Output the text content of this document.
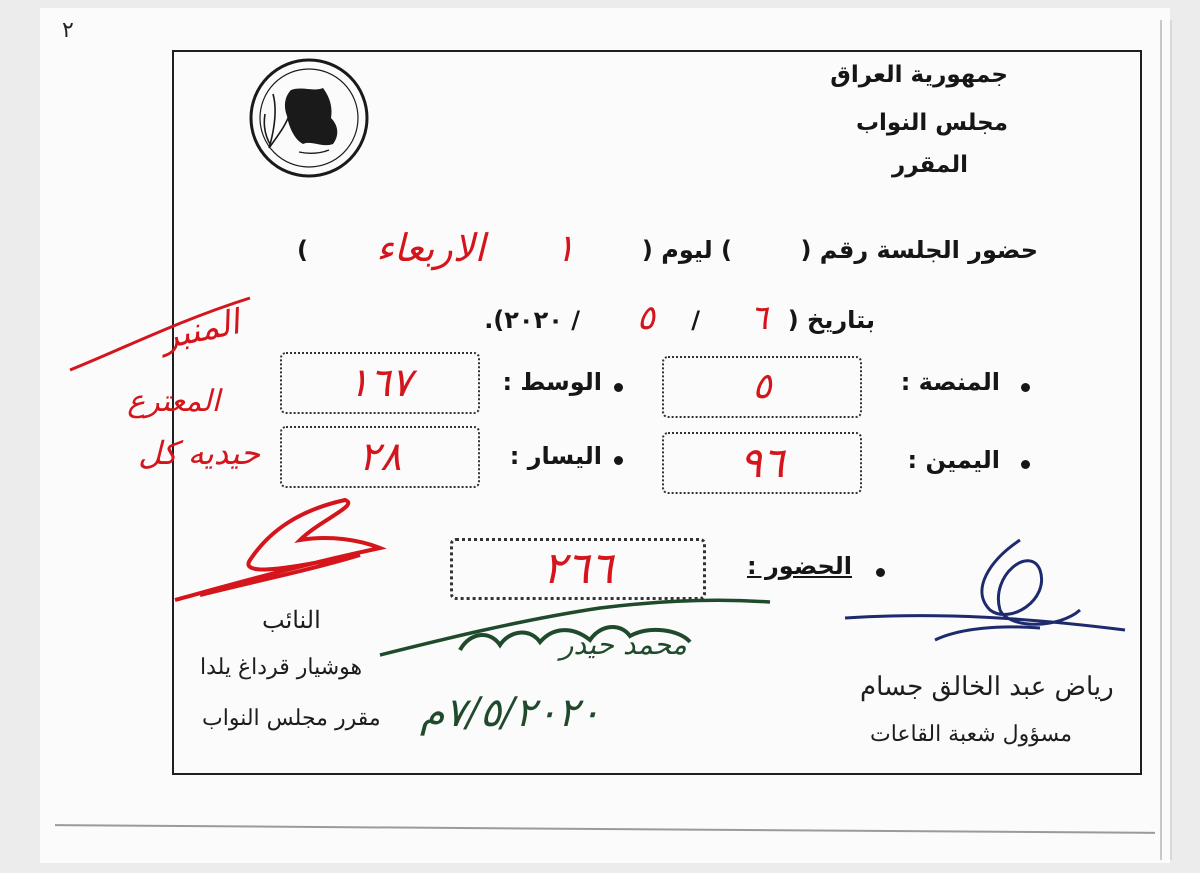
٢
جمهورية العراق
مجلس النواب
المقرر
حضور الجلسة رقم (
) ليوم (
)	١
الاربعاء
بتاريخ (
٦
/
٥
/ ٢٠٢٠).
المنصة :
٥
الوسط :
١٦٧
اليمين :
٩٦
اليسار :
٢٨
الحضور :
٢٦٦
المنبر
المعترع
حيديه كل
٧/٥/٢٠٢٠م
محمد حيدر
النائب
هوشيار قرداغ يلدا
مقرر مجلس النواب
رياض عبد الخالق جسام
مسؤول شعبة القاعات
